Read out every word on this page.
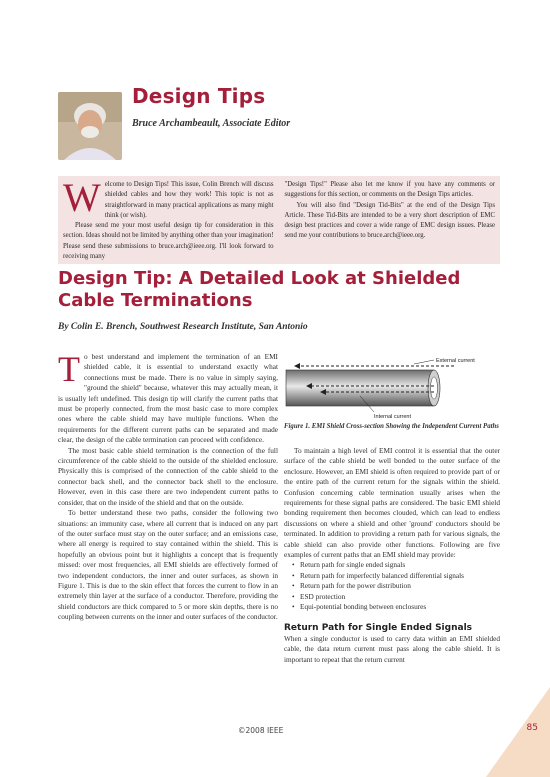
Design Tips

Bruce Archambeault, Associate Editor

W elcome to Design Tips! This issue, Colin Brench will discuss shielded cables and how they work! This topic is not as straightforward in many practical applications as many might think (or wish).

Please send me your most useful design tip for consideration in this section. Ideas should not be limited by anything other than your imagination! Please send these submissions to bruce.arch@ieee.org. I'll look forward to receiving many

"Design Tips!" Please also let me know if you have any comments or suggestions for this section, or comments on the Design Tips articles.

You will also find "Design Tid-Bits" at the end of the Design Tips Article. These Tid-Bits are intended to be a very short description of EMC design best practices and cover a wide range of EMC design issues. Please send me your contributions to bruce.arch@ieee.org.

Design Tip: A Detailed Look at Shielded Cable Terminations

By Colin E. Brench, Southwest Research Institute, San Antonio

T o best understand and implement the termination of an EMI shielded cable, it is essential to understand exactly what connections must be made. There is no value in simply saying, "ground the shield" because, whatever this may actually mean, it is usually left undefined. This design tip will clarify the current paths that must be properly connected, from the most basic case to more complex ones where the cable shield may have multiple functions. When the requirements for the different current paths can be separated and made clear, the design of the cable termination can proceed with confidence.

The most basic cable shield termination is the connection of the full circumference of the cable shield to the outside of the shielded enclosure. Physically this is comprised of the connection of the cable shield to the connector back shell, and the connector back shell to the enclosure. However, even in this case there are two independent current paths to consider, that on the inside of the shield and that on the outside.

To better understand these two paths, consider the following two situations: an immunity case, where all current that is induced on any part of the outer surface must stay on the outer surface; and an emissions case, where all energy is required to stay contained within the shield. This is hopefully an obvious point but it highlights a concept that is frequently missed: over most frequencies, all EMI shields are effectively formed of two independent conductors, the inner and outer surfaces, as shown in Figure 1. This is due to the skin effect that forces the current to flow in an extremely thin layer at the surface of a conductor. Therefore, providing the shield conductors are thick compared to 5 or more skin depths, there is no coupling between currents on the inner and outer surfaces of the conductor.

External current
Internal current

Figure 1. EMI Shield Cross-section Showing the Independent Current Paths

To maintain a high level of EMI control it is essential that the outer surface of the cable shield be well bonded to the outer surface of the enclosure. However, an EMI shield is often required to provide part of or the entire path of the current return for the signals within the shield. Confusion concerning cable termination usually arises when the requirements for these signal paths are considered. The basic EMI shield bonding requirement then becomes clouded, which can lead to endless discussions on where a shield and other 'ground' conductors should be terminated. In addition to providing a return path for various signals, the cable shield can also provide other functions. Following are five examples of current paths that an EMI shield may provide:

• Return path for single ended signals
• Return path for imperfectly balanced differential signals
• Return path for the power distribution
• ESD protection
• Equi-potential bonding between enclosures
Return Path for Single Ended Signals

When a single conductor is used to carry data within an EMI shielded cable, the data return current must pass along the cable shield. It is important to repeat that the return current

©2008 IEEE	85
